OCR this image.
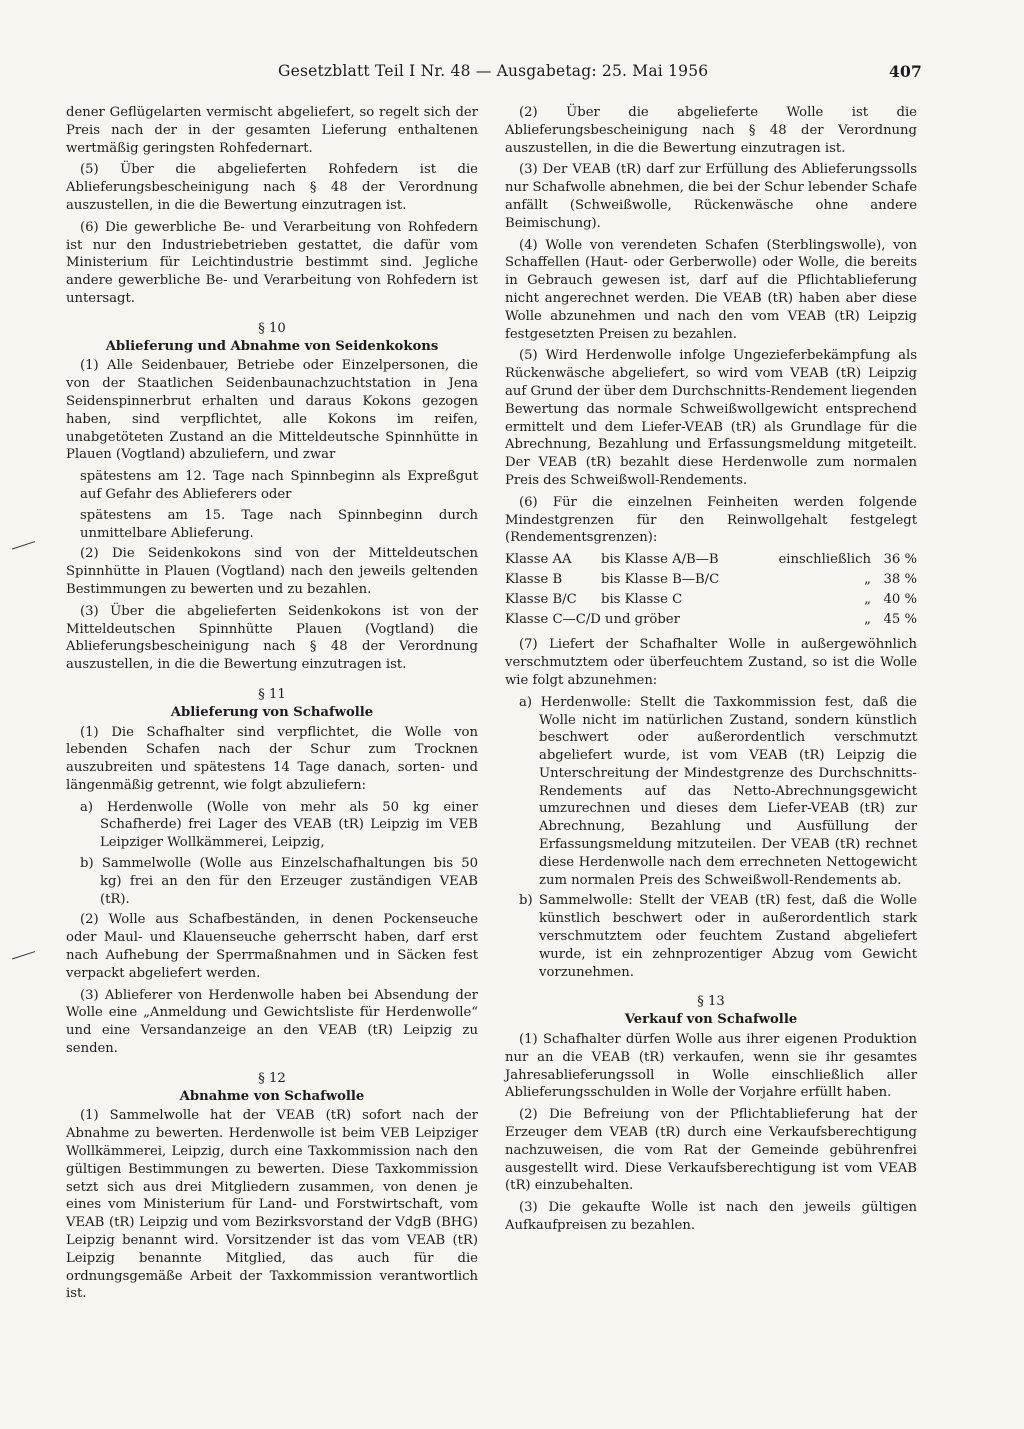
Gesetzblatt Teil I Nr. 48 — Ausgabetag: 25. Mai 1956	407

dener Geflügelarten vermischt abgeliefert, so regelt sich der Preis nach der in der gesamten Lieferung enthaltenen wertmäßig geringsten Rohfedernart.

(5) Über die abgelieferten Rohfedern ist die Ablieferungsbescheinigung nach § 48 der Verordnung auszustellen, in die die Bewertung einzutragen ist.

(6) Die gewerbliche Be- und Verarbeitung von Rohfedern ist nur den Industriebetrieben gestattet, die dafür vom Ministerium für Leichtindustrie bestimmt sind. Jegliche andere gewerbliche Be- und Verarbeitung von Rohfedern ist untersagt.

§ 10
Ablieferung und Abnahme von Seidenkokons

(1) Alle Seidenbauer, Betriebe oder Einzelpersonen, die von der Staatlichen Seidenbaunachzuchtstation in Jena Seidenspinnerbrut erhalten und daraus Kokons gezogen haben, sind verpflichtet, alle Kokons im reifen, unabgetöteten Zustand an die Mitteldeutsche Spinnhütte in Plauen (Vogtland) abzuliefern, und zwar

spätestens am 12. Tage nach Spinnbeginn als Expreßgut auf Gefahr des Ablieferers oder

spätestens am 15. Tage nach Spinnbeginn durch unmittelbare Ablieferung.

(2) Die Seidenkokons sind von der Mitteldeutschen Spinnhütte in Plauen (Vogtland) nach den jeweils geltenden Bestimmungen zu bewerten und zu bezahlen.

(3) Über die abgelieferten Seidenkokons ist von der Mitteldeutschen Spinnhütte Plauen (Vogtland) die Ablieferungsbescheinigung nach § 48 der Verordnung auszustellen, in die die Bewertung einzutragen ist.

§ 11
Ablieferung von Schafwolle

(1) Die Schafhalter sind verpflichtet, die Wolle von lebenden Schafen nach der Schur zum Trocknen auszubreiten und spätestens 14 Tage danach, sorten- und längenmäßig getrennt, wie folgt abzuliefern:

a) Herdenwolle (Wolle von mehr als 50 kg einer Schafherde) frei Lager des VEAB (tR) Leipzig im VEB Leipziger Wollkämmerei, Leipzig,

b) Sammelwolle (Wolle aus Einzelschafhaltungen bis 50 kg) frei an den für den Erzeuger zuständigen VEAB (tR).

(2) Wolle aus Schafbeständen, in denen Pockenseuche oder Maul- und Klauenseuche geherrscht haben, darf erst nach Aufhebung der Sperrmaßnahmen und in Säcken fest verpackt abgeliefert werden.

(3) Ablieferer von Herdenwolle haben bei Absendung der Wolle eine „Anmeldung und Gewichtsliste für Herdenwolle“ und eine Versandanzeige an den VEAB (tR) Leipzig zu senden.

§ 12
Abnahme von Schafwolle

(1) Sammelwolle hat der VEAB (tR) sofort nach der Abnahme zu bewerten. Herdenwolle ist beim VEB Leipziger Wollkämmerei, Leipzig, durch eine Taxkommission nach den gültigen Bestimmungen zu bewerten. Diese Taxkommission setzt sich aus drei Mitgliedern zusammen, von denen je eines vom Ministerium für Land- und Forstwirtschaft, vom VEAB (tR) Leipzig und vom Bezirksvorstand der VdgB (BHG) Leipzig benannt wird. Vorsitzender ist das vom VEAB (tR) Leipzig benannte Mitglied, das auch für die ordnungsgemäße Arbeit der Taxkommission verantwortlich ist.

(2) Über die abgelieferte Wolle ist die Ablieferungsbescheinigung nach § 48 der Verordnung auszustellen, in die die Bewertung einzutragen ist.

(3) Der VEAB (tR) darf zur Erfüllung des Ablieferungssolls nur Schafwolle abnehmen, die bei der Schur lebender Schafe anfällt (Schweißwolle, Rückenwäsche ohne andere Beimischung).

(4) Wolle von verendeten Schafen (Sterblingswolle), von Schaffellen (Haut- oder Gerberwolle) oder Wolle, die bereits in Gebrauch gewesen ist, darf auf die Pflichtablieferung nicht angerechnet werden. Die VEAB (tR) haben aber diese Wolle abzunehmen und nach den vom VEAB (tR) Leipzig festgesetzten Preisen zu bezahlen.

(5) Wird Herdenwolle infolge Ungezieferbekämpfung als Rückenwäsche abgeliefert, so wird vom VEAB (tR) Leipzig auf Grund der über dem Durchschnitts-Rendement liegenden Bewertung das normale Schweißwollgewicht entsprechend ermittelt und dem Liefer-VEAB (tR) als Grundlage für die Abrechnung, Bezahlung und Erfassungsmeldung mitgeteilt. Der VEAB (tR) bezahlt diese Herdenwolle zum normalen Preis des Schweißwoll-Rendements.

(6) Für die einzelnen Feinheiten werden folgende Mindestgrenzen für den Reinwollgehalt festgelegt (Rendementsgrenzen):

Klasse AA	bis Klasse A/B—B	einschließlich	36 %
Klasse B	bis Klasse B—B/C	„	38 %
Klasse B/C	bis Klasse C	„	40 %
Klasse C—C/D und gröber		„	45 %

(7) Liefert der Schafhalter Wolle in außergewöhnlich verschmutztem oder überfeuchtem Zustand, so ist die Wolle wie folgt abzunehmen:

a) Herdenwolle: Stellt die Taxkommission fest, daß die Wolle nicht im natürlichen Zustand, sondern künstlich beschwert oder außerordentlich verschmutzt abgeliefert wurde, ist vom VEAB (tR) Leipzig die Unterschreitung der Mindestgrenze des Durchschnitts-Rendements auf das Netto-Abrechnungsgewicht umzurechnen und dieses dem Liefer-VEAB (tR) zur Abrechnung, Bezahlung und Ausfüllung der Erfassungsmeldung mitzuteilen. Der VEAB (tR) rechnet diese Herdenwolle nach dem errechneten Nettogewicht zum normalen Preis des Schweißwoll-Rendements ab.

b) Sammelwolle: Stellt der VEAB (tR) fest, daß die Wolle künstlich beschwert oder in außerordentlich stark verschmutztem oder feuchtem Zustand abgeliefert wurde, ist ein zehnprozentiger Abzug vom Gewicht vorzunehmen.

§ 13
Verkauf von Schafwolle

(1) Schafhalter dürfen Wolle aus ihrer eigenen Produktion nur an die VEAB (tR) verkaufen, wenn sie ihr gesamtes Jahresablieferungssoll in Wolle einschließlich aller Ablieferungsschulden in Wolle der Vorjahre erfüllt haben.

(2) Die Befreiung von der Pflichtablieferung hat der Erzeuger dem VEAB (tR) durch eine Verkaufsberechtigung nachzuweisen, die vom Rat der Gemeinde gebührenfrei ausgestellt wird. Diese Verkaufsberechtigung ist vom VEAB (tR) einzubehalten.

(3) Die gekaufte Wolle ist nach den jeweils gültigen Aufkaufpreisen zu bezahlen.
